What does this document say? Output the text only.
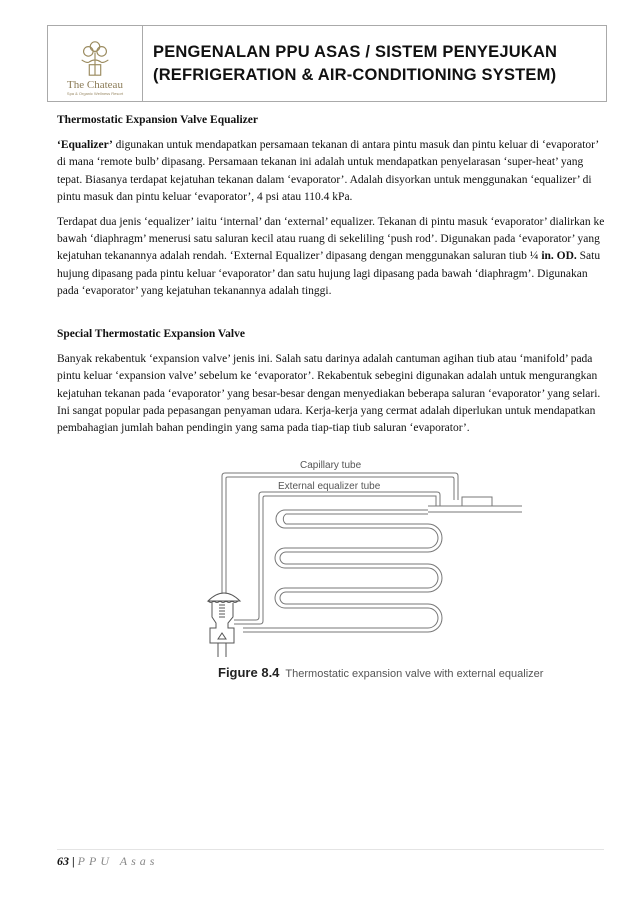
The Chateau
Spa & Organic Wellness Resort
PENGENALAN PPU ASAS / SISTEM PENYEJUKAN
(REFRIGERATION & AIR-CONDITIONING SYSTEM)
Thermostatic Expansion Valve Equalizer

‘Equalizer’ digunakan untuk mendapatkan persamaan tekanan di antara pintu masuk dan pintu keluar di ‘evaporator’ di mana ‘remote bulb’ dipasang. Persamaan tekanan ini adalah untuk mendapatkan penyelarasan ‘super-heat’ yang tepat. Biasanya terdapat kejatuhan tekanan dalam ‘evaporator’. Adalah disyorkan untuk menggunakan ‘equalizer’ di pintu masuk dan pintu keluar ‘evaporator’, 4 psi atau 110.4 kPa.

Terdapat dua jenis ‘equalizer’ iaitu ‘internal’ dan ‘external’ equalizer. Tekanan di pintu masuk ‘evaporator’ dialirkan ke bawah ‘diaphragm’ menerusi satu saluran kecil atau ruang di sekeliling ‘push rod’. Digunakan pada ‘evaporator’ yang kejatuhan tekanannya adalah rendah. ‘External Equalizer’ dipasang dengan menggunakan saluran tiub ¼ in. OD. Satu hujung dipasang pada pintu keluar ‘evaporator’ dan satu hujung lagi dipasang pada bawah ‘diaphragm’. Digunakan pada ‘evaporator’ yang kejatuhan tekanannya adalah tinggi.

Special Thermostatic Expansion Valve

Banyak rekabentuk ‘expansion valve’ jenis ini. Salah satu darinya adalah cantuman agihan tiub atau ‘manifold’ pada pintu keluar ‘expansion valve’ sebelum ke ‘evaporator’. Rekabentuk sebegini digunakan adalah untuk mengurangkan kejatuhan tekanan pada ‘evaporator’ yang besar-besar dengan menyediakan beberapa saluran ‘evaporator’ yang selari. Ini sangat popular pada pepasangan penyaman udara. Kerja-kerja yang cermat adalah diperlukan untuk mendapatkan pembahagian jumlah bahan pendingin yang sama pada tiap-tiap tiub saluran ‘evaporator’.

Capillary tube
External equalizer tube
Figure 8.4 Thermostatic expansion valve with external equalizer
63 | PPU Asas
